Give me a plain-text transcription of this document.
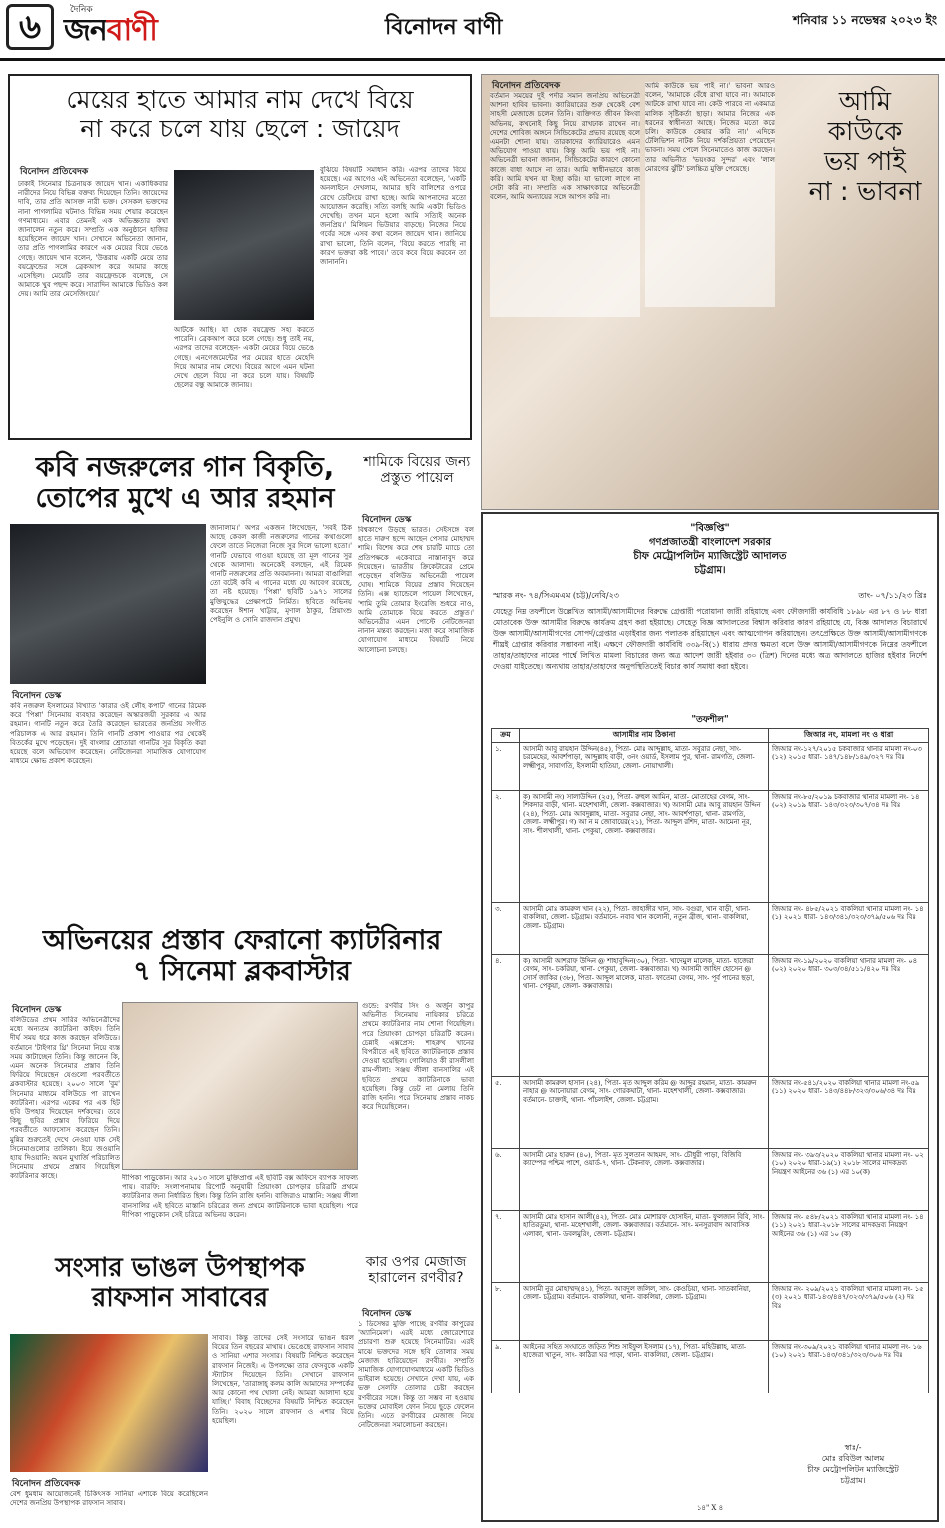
৬	দৈনিক
জনবাণী	বিনোদন বাণী	শনিবার ১১ নভেম্বর ২০২৩ ইং
মেয়ের হাতে আমার নাম দেখে বিয়ে
না করে চলে যায় ছেলে : জায়েদ
বিনোদন প্রতিবেদক
ঢাকাই সিনেমার চিত্রনায়ক জায়েদ খান। একাধিকবার নারীদের নিয়ে বিভিন্ন বক্তব্য দিয়েছেন তিনি। জায়েদের দাবি, তার প্রতি আসক্ত নারী ভক্ত। সেসকল ভক্তদের নানা পাগলামির ঘটনাও বিভিন্ন সময় শেয়ার করেছেন গণমাধ্যমে। এবার তেমনই এক অভিজ্ঞতার কথা জানালেন নতুন করে। সম্প্রতি এক অনুষ্ঠানে হাজির হয়েছিলেন জায়েদ খান। সেখানে অভিনেতা জানান, তার প্রতি পাগলামির কারণে এক মেয়ের বিয়ে ভেঙে গেছে। জায়েদ খান বলেন, 'উত্তরায় একটি মেয়ে তার বয়ফ্রেন্ডের সঙ্গে ব্রেকআপ করে আমার কাছে এসেছিল। মেয়েটি তার বয়ফ্রেন্ডকে বলেছে, সে আমাকে খুব পছন্দ করে। সারাদিন আমাকে ভিডিও কল দেয়। আমি তার মেসেজিংয়ে।'
আটকে আছি। যা হোক বয়ফ্রেন্ড সহ্য করতে পারেনি। ব্রেকআপ করে চলে গেছে। শুধু তাই নয়, এরপর তাদের বলেছেন- একটা মেয়ের বিয়ে ভেঙে গেছে। এনগেজমেন্টের পর মেয়ের হাতে মেহেদি দিয়ে আমার নাম লেখে। বিয়ের আগে এমন ঘটনা দেখে ছেলে বিয়ে না করে চলে যায়। বিষয়টি ছেলের বন্ধু আমাকে জানায়।
বুঝিয়ে বিষয়টি সমাধান করি। এরপর তাদের বিয়ে হয়েছে। এর আগেও এই অভিনেতা বলেছেন, 'একটি অনলাইনে দেখলাম, আমার ছবি বালিশের ওপরে রেখে ডেটিংয়ে রাখা হচ্ছে। আমি আপনাদের মতো আয়োজন করেছি। সত্যি বলছি আমি একটা ভিডিও দেখেছি। তখন মনে হলো আমি সত্যিই অনেক জনপ্রিয়।' মিলিয়ন ভিউয়ার বাড়ছে। নিজের নিয়ে গর্বের সঙ্গে এসব কথা বলেন জায়েদ খান। জানিয়ে রাখা ভালো, তিনি বলেন, 'বিয়ে করতে পারছি না কারণ ভক্তরা কষ্ট পাবে।' তবে কবে বিয়ে করবেন তা জানাননি।
বিনোদন প্রতিবেদক
বর্তমান সময়ের দুই পর্দার সমান জনপ্রিয় অভিনেত্রী আশনা হাবিব ভাবনা। ক্যারিয়ারের শুরু থেকেই বেশ সাহসী মেজাজে চলেন তিনি। ব্যক্তিগত জীবন কিংবা অভিনয়, কখনোই কিছু নিয়ে রাখঢাক রাখেন না। দেশের শোবিজ অঙ্গনে সিন্ডিকেটের প্রভাব রয়েছে বলে এমনটা শোনা যায়। তারকাদের ক্যারিয়ারেও এমন অভিযোগ পাওয়া যায়। কিন্তু আমি ভয় পাই না। অভিনেত্রী ভাবনা জানান, সিন্ডিকেটের কারণে কোনো কাজে বাধা আসে না তার। আমি স্বাধীনভাবে কাজ করি। আমি যখন যা ইচ্ছা করি। যা ভালো লাগে না সেটা করি না। সম্প্রতি এক সাক্ষাৎকারে অভিনেত্রী বলেন, আমি অন্যায়ের সঙ্গে আপস করি না।
আমি কাউকে ভয় পাই না।' ভাবনা আরও বলেন, 'আমাকে বেঁধে রাখা যাবে না। আমাকে আটকে রাখা যাবে না। কেউ পারবে না একমাত্র মালিক সৃষ্টিকর্তা ছাড়া। আমার নিজের এক ধরনের স্বাধীনতা আছে। নিজের মতো করে চলি। কাউকে কেয়ার করি না।' এদিকে টেলিভিশন নাটক নিয়ে দর্শকপ্রিয়তা পেয়েছেন ভাবনা। সময় পেলে সিনেমাতেও কাজ করছেন। তার অভিনীত 'ভয়ংকর সুন্দর' এবং 'লাল মোরগের ঝুঁটি' চলচ্চিত্র মুক্তি পেয়েছে।
আমি
কাউকে
ভয় পাই
না : ভাবনা
কবি নজরুলের গান বিকৃতি,
তোপের মুখে এ আর রহমান
বিনোদন ডেস্ক
কবি নজরুল ইসলামের বিখ্যাত 'কারার ওই লৌহ কপাট' গানের রিমেক করে 'পিপ্পা' সিনেমায় ব্যবহার করেছেন অস্কারজয়ী সুরকার এ আর রহমান। গানটি নতুন করে তৈরি করেছেন ভারতের জনপ্রিয় সংগীত পরিচালক এ আর রহমান। তিনি গানটি প্রকাশ পাওয়ার পর থেকেই বিতর্কের মুখে পড়েছেন। দুই বাংলার শ্রোতারা গানটির সুর বিকৃতি করা হয়েছে বলে অভিযোগ করেছেন। নেটিজেনরা সামাজিক যোগাযোগ মাধ্যমে ক্ষোভ প্রকাশ করেছেন।
জানালাম।' অপর একজন লিখেছেন, 'সবই ঠিক আছে কেবল কাজী নজরুলের গানের কথাগুলো ফেলে তাতে নিজেরা নিজে সুর দিলে ভালো হতো।' গানটি যেভাবে গাওয়া হয়েছে তা মূল গানের সুর থেকে আলাদা। অনেকেই বলছেন, এই রিমেক গানটি নজরুলের প্রতি অবমাননা। আমরা বাঙালিরা তো বটেই কবি এ গানের মধ্যে যে আবেগ রয়েছে, তা নষ্ট হয়েছে। 'পিপ্পা' ছবিটি ১৯৭১ সালের মুক্তিযুদ্ধের প্রেক্ষাপটে নির্মিত। ছবিতে অভিনয় করেছেন ঈশান খাট্টার, মৃণাল ঠাকুর, প্রিয়াংশু পেইনুলি ও সোনি রাজদান প্রমুখ।
শামিকে বিয়ের জন্য প্রস্তুত পায়েল
বিনোদন ডেস্ক
বিশ্বকাপে উড়ছে ভারত। সেইসঙ্গে বল হাতে দারুণ ছন্দে আছেন পেসার মোহাম্মদ শামি। বিশেষ করে শেষ চারটি ম্যাচে তো প্রতিপক্ষকে একেবারে নাস্তানাবুদ করে দিয়েছেন। ভারতীয় ক্রিকেটারের প্রেমে পড়েছেন বলিউড অভিনেত্রী পায়েল ঘোষ। শামিকে বিয়ের প্রস্তাব দিয়েছেন তিনি। এক্স হ্যান্ডেলে পায়েল লিখেছেন, 'শামি তুমি তোমার ইংরেজি শুধরে নাও, আমি তোমাকে বিয়ে করতে প্রস্তুত।' অভিনেত্রীর এমন পোস্টে নেটিজেনরা নানান মন্তব্য করছেন। মজা করে সামাজিক যোগাযোগ মাধ্যমে বিষয়টি নিয়ে আলোচনা চলছে।
অভিনয়ের প্রস্তাব ফেরানো ক্যাটরিনার
৭ সিনেমা ব্লকবাস্টার
বিনোদন ডেস্ক
বলিউডের প্রথম সারির অভিনেত্রীদের মধ্যে অন্যতম ক্যাটরিনা কাইফ। তিনি দীর্ঘ সময় ধরে কাজ করছেন বলিউডে। বর্তমানে 'টাইগার থ্রি' সিনেমা নিয়ে ব্যস্ত সময় কাটাচ্ছেন তিনি। কিন্তু জানেন কি, এমন অনেক সিনেমার প্রস্তাব তিনি ফিরিয়ে দিয়েছেন যেগুলো পরবর্তীতে ব্লকবাস্টার হয়েছে। ২০০৩ সালে 'বুম' সিনেমার মাধ্যমে বলিউডে পা রাখেন ক্যাটরিনা। এরপর একের পর এক হিট ছবি উপহার দিয়েছেন দর্শকদের। তবে কিছু ছবির প্রস্তাব ফিরিয়ে দিয়ে পরবর্তীতে আফসোস করেছেন তিনি। মুন্নির শুরুতেই দেখে নেওয়া যাক সেই সিনেমাগুলোর তালিকা। ইয়ে জওয়ানি হ্যায় দিওয়ানি: অয়ন মুখার্জি পরিচালিত সিনেমায় প্রথমে প্রস্তাব গিয়েছিল ক্যাটরিনার কাছে।	দীপিকা পাড়ুকোন। আর ২০১৩ সালে মুক্তিপ্রাপ্ত এই ছবিটি বক্স অফিসে ব্যাপক সাফল্য পায়। বারফি: সংলাপনামায় রিপোর্ট অনুযায়ী প্রিয়াংকা চোপড়ার চরিত্রটি প্রথমে ক্যাটরিনার জন্য নির্ধারিত ছিল। কিন্তু তিনি রাজি হননি। বাজিরাও মাস্তানি: সঞ্জয় লীলা বানসালির এই ছবিতে মাস্তানি চরিত্রের জন্য প্রথমে ক্যাটরিনাকে ভাবা হয়েছিল। পরে দীপিকা পাড়ুকোন সেই চরিত্রে অভিনয় করেন।
গুন্ডে: রণবীর সিং ও অর্জুন কাপুর অভিনীত সিনেমায় নায়িকার চরিত্রে প্রথমে ক্যাটরিনার নাম শোনা গিয়েছিল। পরে প্রিয়াংকা চোপড়া চরিত্রটি করেন। চেন্নাই এক্সপ্রেস: শাহরুখ খানের বিপরীতে এই ছবিতে ক্যাটরিনাকে প্রস্তাব দেওয়া হয়েছিল। গোলিয়াও কী রাসলীলা রাম-লীলা: সঞ্জয় লীলা বানসালির এই ছবিতে প্রথমে ক্যাটরিনাকে ভাবা হয়েছিল। কিন্তু ডেট না মেলায় তিনি রাজি হননি। পরে সিনেমায় প্রস্তাব নাকচ করে দিয়েছিলেন।
সংসার ভাঙল উপস্থাপক
রাফসান সাবাবের
বিনোদন প্রতিবেদক
বেশ ধুমধাম আয়োজনেই চিকিৎসক সানিয়া এশাকে বিয়ে করেছিলেন দেশের জনপ্রিয় উপস্থাপক রাফসান সাবাব।
সাবাব। কিন্তু তাদের সেই সংসারে ভাঙন ধরল বিয়ের তিন বছরের মাথায়। ভেঙেছে রাফসান সাবাব ও সানিয়া এশার সংসার। বিষয়টি নিশ্চিত করেছেন রাফসান নিজেই। এ উপলক্ষ্যে তার ফেসবুকে একটি স্ট্যাটাস দিয়েছেন তিনি। সেখানে রাফসান লিখেছেন, 'তারাঙ্গাহ্ কলম কালি আমাদের সম্পর্কের আর কোনো পথ খোলা নেই। আমরা আলাদা হয়ে যাচ্ছি।' বিবাহ বিচ্ছেদের বিষয়টি নিশ্চিত করেছেন তিনি। ২০২০ সালে রাফসান ও এশার বিয়ে হয়েছিল।
কার ওপর মেজাজ হারালেন রণবীর?
বিনোদন ডেস্ক
১ ডিসেম্বর মুক্তি পাচ্ছে রণবীর কাপুরের 'অ্যানিমেল'। এরই মধ্যে জোরেশোরে প্রচারণা শুরু হয়েছে সিনেমাটির। এরই মাঝে ভক্তদের সঙ্গে ছবি তোলার সময় মেজাজ হারিয়েছেন রণবীর। সম্প্রতি সামাজিক যোগাযোগমাধ্যমে একটি ভিডিও ভাইরাল হয়েছে। সেখানে দেখা যায়, এক ভক্ত সেলফি তোলার চেষ্টা করছেন রণবীরের সঙ্গে। কিন্তু তা সম্ভব না হওয়ায় ভক্তের মোবাইল ফোন নিয়ে ছুড়ে ফেলেন তিনি। এতে রণবীরের মেজাজ নিয়ে নেটিজেনরা সমালোচনা করছেন।
"বিজ্ঞপ্তি"
গণপ্রজাতন্ত্রী বাংলাদেশ সরকার
চীফ মেট্রোপলিটন ম্যাজিস্ট্রেট আদালত
চট্টগ্রাম।
স্মারক নং- ৭৪/সিএমএম (চট্ট)/নেবি/২৩	তাং- ০৭/১১/২৩ খ্রিঃ
যেহেতু নিম্ন তফশীলে উল্লেখিত আসামী/আসামীদের বিরুদ্ধে গ্রেপ্তারী পরোয়ানা জারী রহিয়াছে এবং ফৌজদারী কার্যবিধি ১৮৯৮ এর ৮৭ ও ৮৮ ধারা মোতাবেক উক্ত আসামীর বিরুদ্ধে কার্যক্রম গ্রহণ করা হইয়াছে। সেহেতু বিজ্ঞ আদালতের বিশ্বাস করিবার কারণ রহিয়াছে যে, বিজ্ঞ আদালত বিচারার্থে উক্ত আসামী/আসামীগণের সোপর্দ/গ্রেপ্তার এড়াইবার জন্য পলাতক রহিয়াছেন এবং আত্মগোপন করিয়াছেন। তৎপ্রেক্ষিতে উক্ত আসামী/আসামীগণকে শীঘ্রই গ্রেপ্তার করিবার সম্ভাবনা নাই। এক্ষণে ফৌজদারী কার্যবিধি ৩৩৯-বি(১) ধারায় প্রদত্ত ক্ষমতা বলে উক্ত আসামী/আসামীগণকে নিম্নের তফশীলে তাহার/তাহাদের নামের পার্শ্বে লিখিত মামলা বিচারের জন্য অত্র আদেশ জারী হইবার ৩০ (ত্রিশ) দিনের মধ্যে অত্র আদালতে হাজির হইবার নির্দেশ দেওয়া যাইতেছে। অন্যথায় তাহার/তাহাদের অনুপস্থিতিতেই বিচার কার্য সমাধা করা হইবে।
"তফশীল"
ক্রম	আসামীর নাম ঠিকানা	জিআর নং, মামলা নং ও ধারা
১.	আসামী আবু রায়হান উদ্দিন(৪৫), পিতা- মোঃ আব্দুল্লাহ, মাতা- সবুরার নেছা, সাং- চরমেহের, আবর্শপাড়া, আব্দুল্লাহ বাড়ী, ৩নং ওয়ার্ড, ইসলাম পুর, থানা- রামগতি, জেলা- লক্ষ্মীপুর, সাবাগতি, ইসলামী হাতিয়া, জেলা- নোয়াখালী।	জিআর নং-১২৭/২০১৫ চকবাজার থানার মামলা নং-০৩ (১২) ২০১৫ ধারা- ১৪৭/১৪৮/১৪৯/৩২৭ দঃ বিঃ
২.	ক) আসামী নং) সালাউদ্দিন (২৫), পিতা- রুহুল আমিন, মাতা- মোতাহের বেগম, সাং- শিকদার বাড়ী, থানা- মহেশখালী, জেলা- কক্সবাজার। খ) আসামী মোঃ আবু রায়হান উদ্দিন (২৪), পিতা- মোঃ আবদুল্লাহ, মাতা- সবুরার নেছা, সাং- আবর্শপাড়া, থানা- রামগতি, জেলা- লক্ষ্মীপুর। গ) আ ন ম জোবায়ের(২১), পিতা- আব্দুল রশিদ, মাতা- আমেনা নূর, সাং- শীলখালী, থানা- পেকুয়া, জেলা- কক্সবাজার।	জিআর নং-৮৫/২০১৯ চকবাজার থানার মামলা নং- ১৪ (০২) ২০১৯ ধারা- ১৪৩/৩২৩/৩০৭/৩৪ দঃ বিঃ
৩.	আসামী মোঃ কামরুল খান (২২), পিতা- জাহাঙ্গীর খান, সাং- বগুরা, খান বাড়ী, থানা- বাকলিয়া, জেলা- চট্টগ্রাম। বর্তমানে- নবাব খান কলোনী, নতুন ব্রীজ, থানা- বাকলিয়া, জেলা- চট্টগ্রাম।	জিআর নং- ৪৮৫/২০২১ বাকলিয়া থানার মামলা নং- ১৪ (১) ২০২১ ধারা- ১৪৩/৩৪১/৩২৩/৩৭৯/৫০৬ দঃ বিঃ
৪.	ক) আসামী আশরাফ উদ্দিন @ শাহাবুদ্দিন(৩০), পিতা- খাদেমুল মালেক, মাতা- হাজেরা বেগম, সাং- চকরিয়া, থানা- পেকুয়া, জেলা- কক্সবাজার। খ) আসামী জাহিদ হোসেন @ সোর্স জাকির (৩৮), পিতা- আব্দুল মালেক, মাতা- ফাতেমা বেগম, সাং- পূর্ব পানের ছড়া, থানা- পেকুয়া, জেলা- কক্সবাজার।	জিআর নং-১৯/২০২০ বাকলিয়া থানার মামলা নং- ০৪ (০২) ২০২০ ধারা- ৩০৩/৩৪/৫১১/৪২০ দঃ বিঃ
৫.	আসামী কামরুল হাসান (২৪), পিতা- মৃত আব্দুল করিম @ আব্দুর রহমান, মাতা- কামরুন নাহার @ আনোয়ারা বেগম, সাং- গোরকঘাটা, থানা- মহেশখালী, জেলা- কক্সবাজার। বর্তমানে- চাক্তাই, থানা- পাঁচলাইশ, জেলা- চট্টগ্রাম।	জিআর নং-৫৪১/২০২০ বাকলিয়া থানার মামলা নং-৫৯ (১১) ২০২০ ধারা- ১৪৩/৪৪৮/৩২৩/৩০৬/৩৪ দঃ বিঃ
৬.	আসামী মোঃ হারুন (৪০), পিতা- মৃত সুলতান আহমদ, সাং- চৌধুরী পাড়া, বিজিবি ক্যাম্পের পশ্চিম পাশে, ওয়ার্ড-৭, থানা- টেকনাফ, জেলা- কক্সবাজার।	জিআর নং- ৩৯৩/২০২০ বাকলিয়া থানার মামলা নং- ০২ (১০) ২০২০ ধারা-১৯(১) ২০১৮ সালের মাদকদ্রব্য নিয়ন্ত্রণ আইনের ৩৬ (১) এর ১০(ক)
৭.	আসামী মোঃ হাসান আলী(৪২), পিতা- মোঃ মোশারফ হোসাইন, মাতা- ফুলজান বিবি, সাং- হাতিরডুমা, থানা- মহেশখালী, জেলা- কক্সবাজার। বর্তমানে- সাং- মনসুরাবাদ আবাসিক এলাকা, থানা- ডবলমুরিং, জেলা- চট্টগ্রাম।	জিআর নং- ৫৪৮/২০২১ বাকলিয়া থানার মামলা নং- ১৪ (১১) ২০২১ ধারা-২০১৮ সালের মাদকদ্রব্য নিয়ন্ত্রণ আইনের ৩৬ (১) এর ১০ (ক)
৮.	আসামী নুর মোহাম্মদ(৪১), পিতা- আবদুল জলিল, সাং- কেওচিয়া, থানা- সাতকানিয়া, জেলা- চট্টগ্রাম। বর্তমানে- বাকলিয়া, থানা- বাকলিয়া, জেলা- চট্টগ্রাম।	জিআর নং- ২০৯/২০২১ বাকলিয়া থানার মামলা নং- ১৫ (৩) ২০২১ ধারা-১৪৩/৪৪৭/৩২৩/৩৭৯/৫০৬ (২) দঃ বিঃ
৯.	আইনের সহিত সংঘাতে জড়িত শিশু সাইফুল ইসলাম (১৭), পিতা- মহিউল্লাহ, মাতা- হাজেরা খাতুন, সাং- কাঠিরা ঘর পাড়া, থানা- বাকলিয়া, জেলা- চট্টগ্রাম।	জিআর নং-৩০৯/২০২১ বাকলিয়া থানার মামলা নং- ১৬ (১০) ২০২১ ধারা-১৪৩/৩৪১/৩২৩/৩০৬ দঃ বিঃ
স্বাঃ/-
মোঃ রবিউল আলম
চীফ মেট্রোপলিটন ম্যাজিস্ট্রেট
চট্টগ্রাম।
১৪" X ৪
